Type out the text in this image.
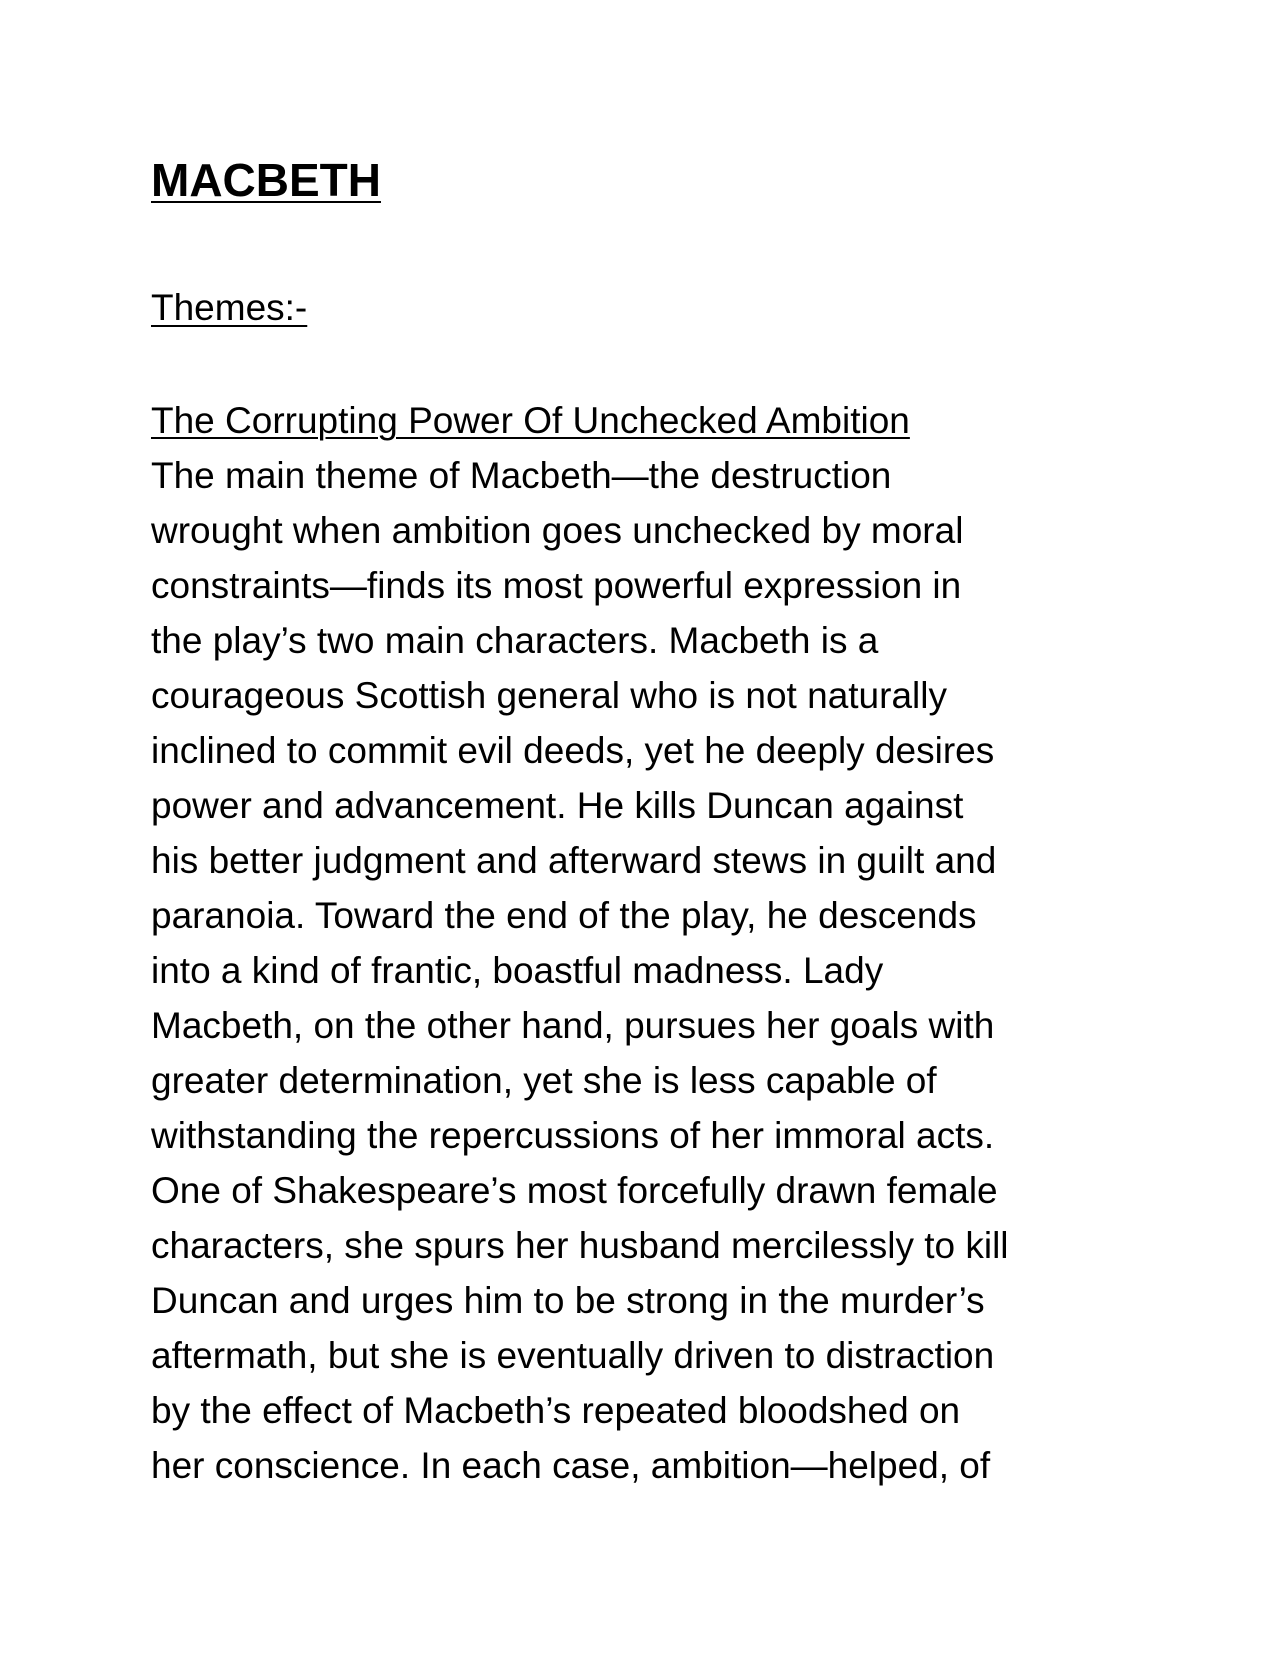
MACBETH
Themes:-
The Corrupting Power Of Unchecked Ambition
The main theme of Macbeth—the destruction
wrought when ambition goes unchecked by moral
constraints—finds its most powerful expression in
the play’s two main characters. Macbeth is a
courageous Scottish general who is not naturally
inclined to commit evil deeds, yet he deeply desires
power and advancement. He kills Duncan against
his better judgment and afterward stews in guilt and
paranoia. Toward the end of the play, he descends
into a kind of frantic, boastful madness. Lady
Macbeth, on the other hand, pursues her goals with
greater determination, yet she is less capable of
withstanding the repercussions of her immoral acts.
One of Shakespeare’s most forcefully drawn female
characters, she spurs her husband mercilessly to kill
Duncan and urges him to be strong in the murder’s
aftermath, but she is eventually driven to distraction
by the effect of Macbeth’s repeated bloodshed on
her conscience. In each case, ambition—helped, of
